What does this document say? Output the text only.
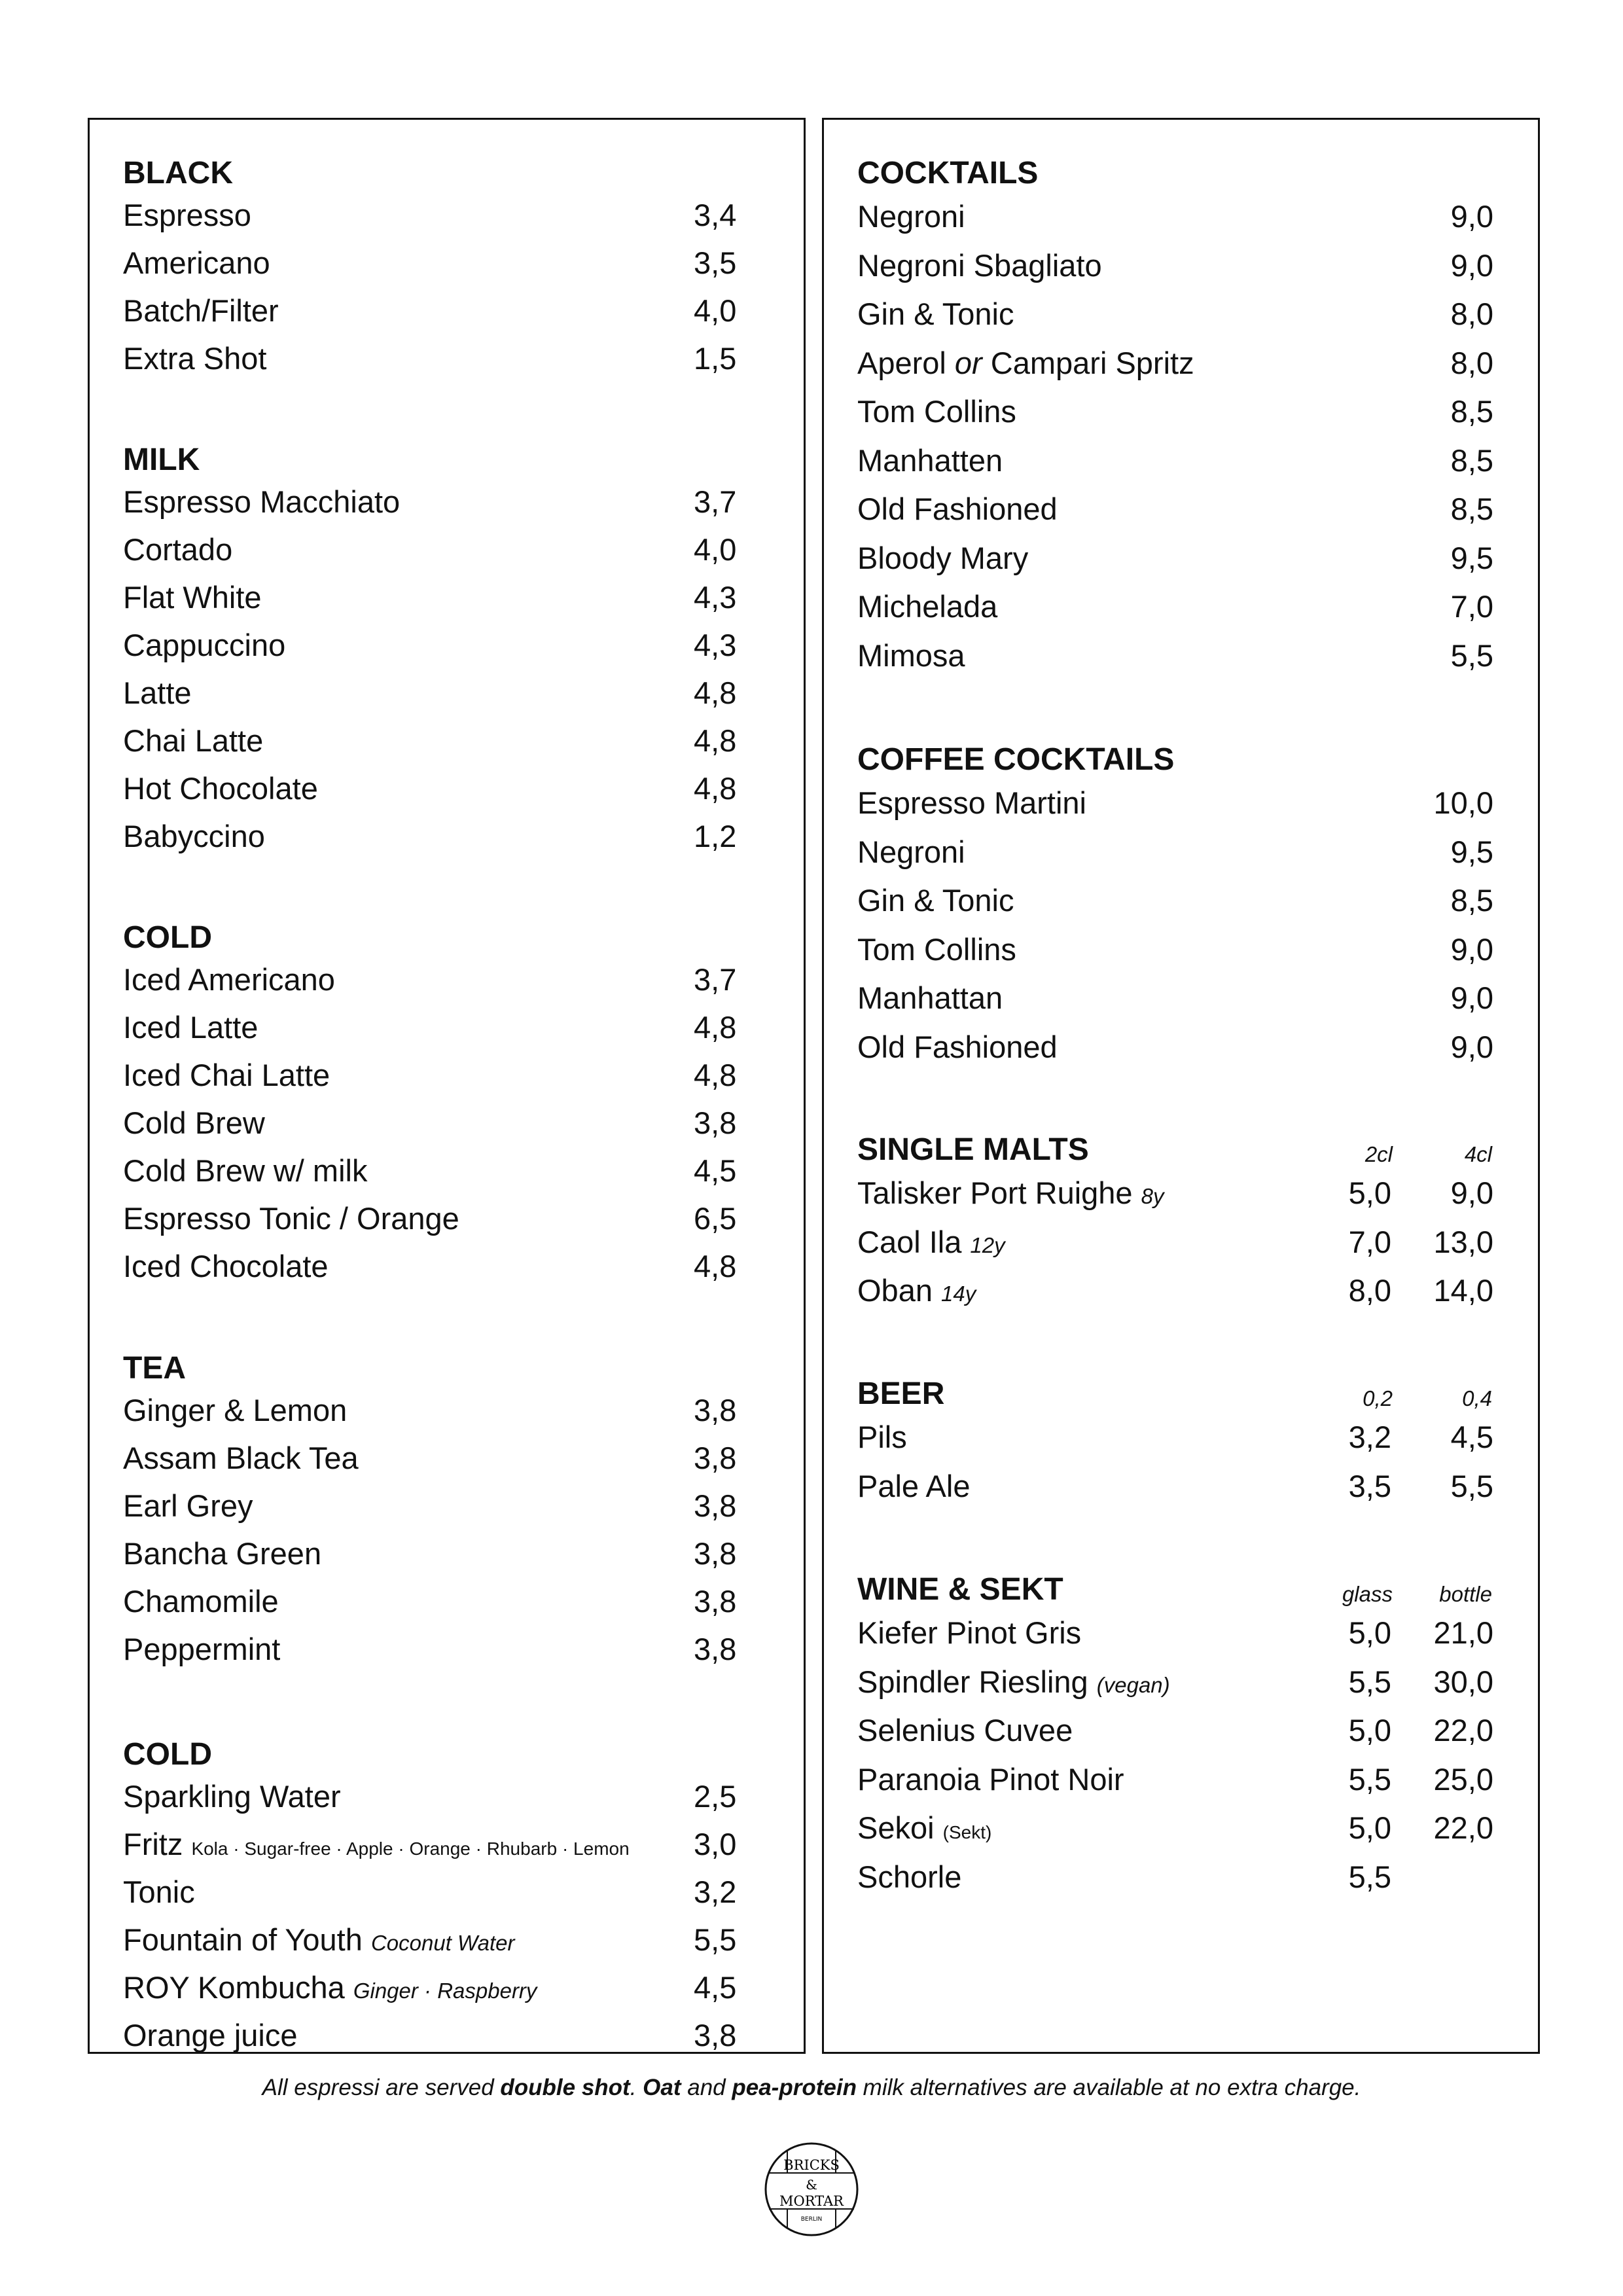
BLACK
Espresso	3,4
Americano	3,5
Batch/Filter	4,0
Extra Shot	1,5
MILK
Espresso Macchiato	3,7
Cortado	4,0
Flat White	4,3
Cappuccino	4,3
Latte	4,8
Chai Latte	4,8
Hot Chocolate	4,8
Babyccino	1,2
COLD
Iced Americano	3,7
Iced Latte	4,8
Iced Chai Latte	4,8
Cold Brew	3,8
Cold Brew w/ milk	4,5
Espresso Tonic / Orange	6,5
Iced Chocolate	4,8
TEA
Ginger & Lemon	3,8
Assam Black Tea	3,8
Earl Grey	3,8
Bancha Green	3,8
Chamomile	3,8
Peppermint	3,8
COLD
Sparkling Water	2,5
Fritz Kola · Sugar-free · Apple · Orange · Rhubarb · Lemon 3,0
Tonic	3,2
Fountain of Youth Coconut Water	5,5
ROY Kombucha Ginger · Raspberry	4,5
Orange juice	3,8
COCKTAILS
Negroni	9,0
Negroni Sbagliato	9,0
Gin & Tonic	8,0
Aperol or Campari Spritz	8,0
Tom Collins	8,5
Manhatten	8,5
Old Fashioned	8,5
Bloody Mary	9,5
Michelada	7,0
Mimosa	5,5
COFFEE COCKTAILS
Espresso Martini	10,0
Negroni	9,5
Gin & Tonic	8,5
Tom Collins	9,0
Manhattan	9,0
Old Fashioned	9,0
SINGLE MALTS	2cl	4cl
Talisker Port Ruighe 8y	5,0 9,0
Caol Ila 12y	7,0 13,0
Oban 14y	8,0 14,0
BEER	0,2	0,4
Pils	3,2 4,5
Pale Ale	3,5 5,5
WINE & SEKT	glass bottle
Kiefer Pinot Gris	5,0 21,0
Spindler Riesling (vegan)	5,5 30,0
Selenius Cuvee	5,0 22,0
Paranoia Pinot Noir	5,5 25,0
Sekoi (Sekt)	5,0 22,0
Schorle	5,5
All espressi are served double shot. Oat and pea-protein milk alternatives are available at no extra charge.
BRICKS
&
MORTAR
BERLIN
